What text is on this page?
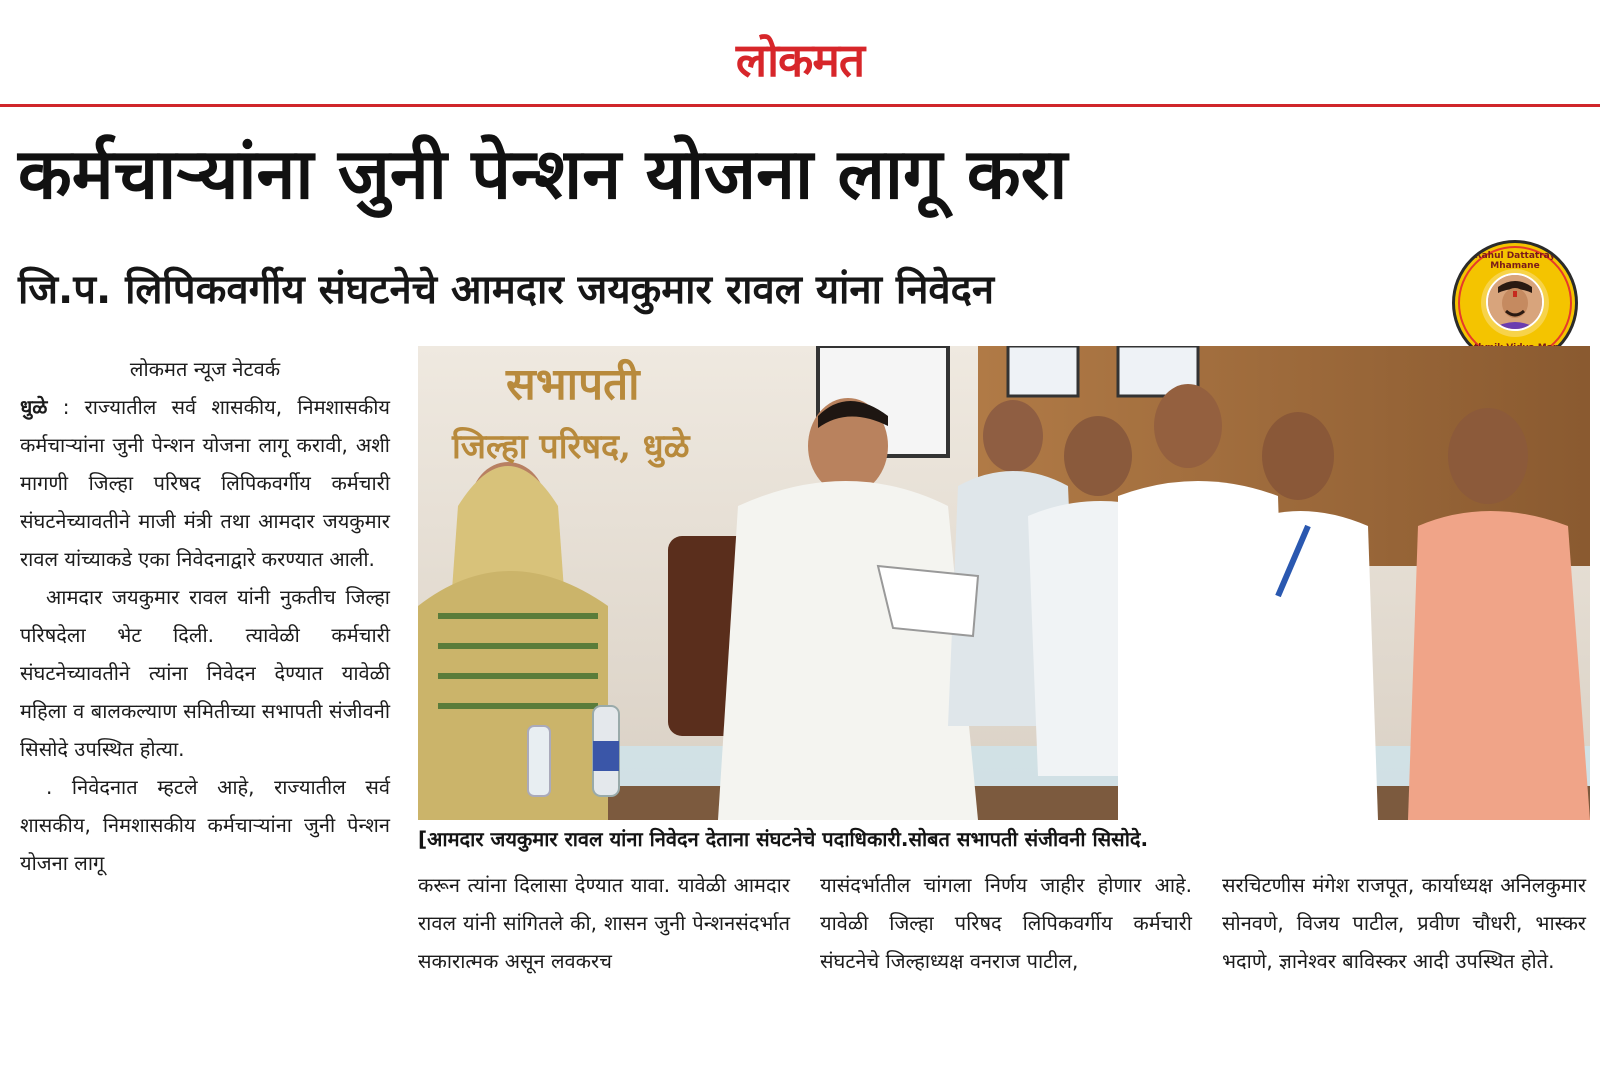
लोकमत
कर्मचाऱ्यांना जुनी पेन्शन योजना लागू करा
जि.प. लिपिकवर्गीय संघटनेचे आमदार जयकुमार रावल यांना निवेदन
Rahul Dattatray Mhamane

लोकमत न्यूज नेटवर्क

धुळे : राज्यातील सर्व शासकीय, निमशासकीय कर्मचाऱ्यांना जुनी पेन्शन योजना लागू करावी, अशी मागणी जिल्हा परिषद लिपिकवर्गीय कर्मचारी संघटनेच्यावतीने माजी मंत्री तथा आमदार जयकुमार रावल यांच्याकडे एका निवेदनाद्वारे करण्यात आली.

आमदार जयकुमार रावल यांनी नुकतीच जिल्हा परिषदेला भेट दिली. त्यावेळी कर्मचारी संघटनेच्यावतीने त्यांना निवेदन देण्यात यावेळी महिला व बालकल्याण समितीच्या सभापती संजीवनी सिसोदे उपस्थित होत्या.

. निवेदनात म्हटले आहे, राज्यातील सर्व शासकीय, निमशासकीय कर्मचाऱ्यांना जुनी पेन्शन योजना लागू

सभापती
जिल्हा परिषद, धुळे
[आमदार जयकुमार रावल यांना निवेदन देताना संघटनेचे पदाधिकारी.सोबत सभापती संजीवनी सिसोदे.
करून त्यांना दिलासा देण्यात यावा. यावेळी आमदार रावल यांनी सांगितले की, शासन जुनी पेन्शनसंदर्भात सकारात्मक असून लवकरच
यासंदर्भातील चांगला निर्णय जाहीर होणार आहे. यावेळी जिल्हा परिषद लिपिकवर्गीय कर्मचारी संघटनेचे जिल्हाध्यक्ष वनराज पाटील,
सरचिटणीस मंगेश राजपूत, कार्याध्यक्ष अनिलकुमार सोनवणे, विजय पाटील, प्रवीण चौधरी, भास्कर भदाणे, ज्ञानेश्वर बाविस्कर आदी उपस्थित होते.
